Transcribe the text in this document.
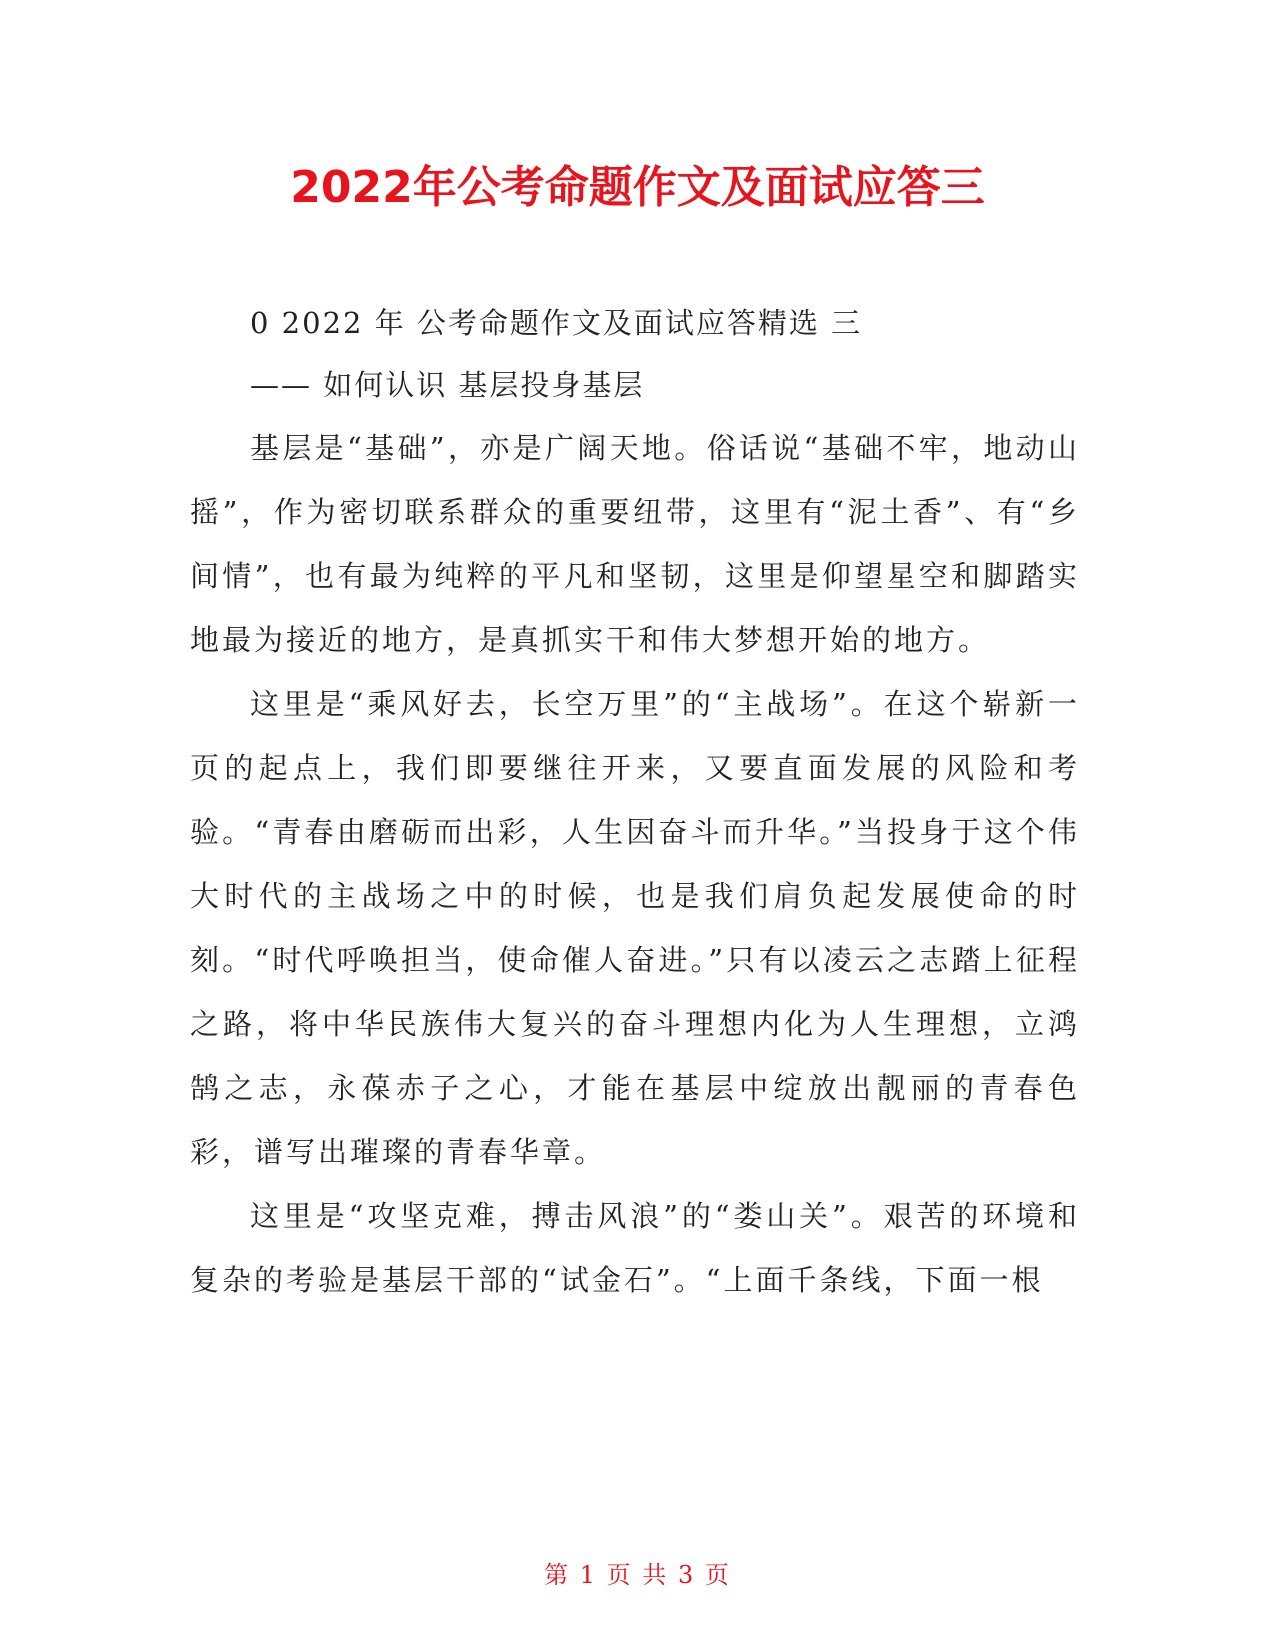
2022年公考命题作文及面试应答三
0 2022 年 公考命题作文及面试应答精选 三
—— 如何认识 基层投身基层

基层是“基础”，亦是广阔天地。俗话说“基础不牢，地动山摇”，作为密切联系群众的重要纽带，这里有“泥土香”、有“乡间情”，也有最为纯粹的平凡和坚韧，这里是仰望星空和脚踏实地最为接近的地方，是真抓实干和伟大梦想开始的地方。

这里是“乘风好去，长空万里”的“主战场”。在这个崭新一页的起点上，我们即要继往开来，又要直面发展的风险和考验。“青春由磨砺而出彩，人生因奋斗而升华。”当投身于这个伟大时代的主战场之中的时候，也是我们肩负起发展使命的时刻。“时代呼唤担当，使命催人奋进。”只有以凌云之志踏上征程之路，将中华民族伟大复兴的奋斗理想内化为人生理想，立鸿鹄之志，永葆赤子之心，才能在基层中绽放出靓丽的青春色彩，谱写出璀璨的青春华章。

这里是“攻坚克难，搏击风浪”的“娄山关”。艰苦的环境和复杂的考验是基层干部的“试金石”。“上面千条线，下面一根

第 1 页 共 3 页
